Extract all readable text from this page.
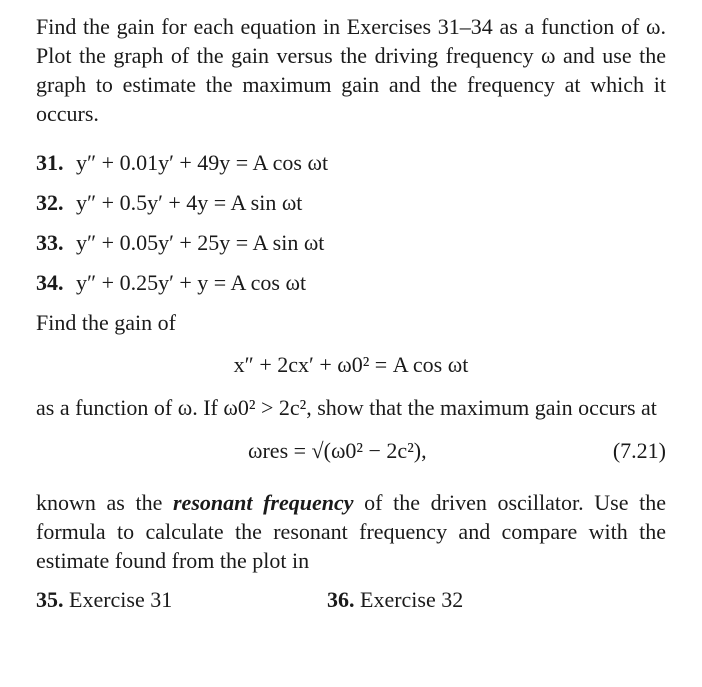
Find the gain for each equation in Exercises 31–34 as a function of ω. Plot the graph of the gain versus the driving frequency ω and use the graph to estimate the maximum gain and the frequency at which it occurs.

31. y″ + 0.01y′ + 49y = A cos ωt
32. y″ + 0.5y′ + 4y = A sin ωt
33. y″ + 0.05y′ + 25y = A sin ωt
34. y″ + 0.25y′ + y = A cos ωt

Find the gain of

x″ + 2cx′ + ω0² = A cos ωt

as a function of ω. If ω0² > 2c², show that the maximum gain occurs at

ωres = √(ω0² − 2c²),	(7.21)

known as the resonant frequency of the driven oscillator. Use the formula to calculate the resonant frequency and compare with the estimate found from the plot in

35. Exercise 31	36. Exercise 32
